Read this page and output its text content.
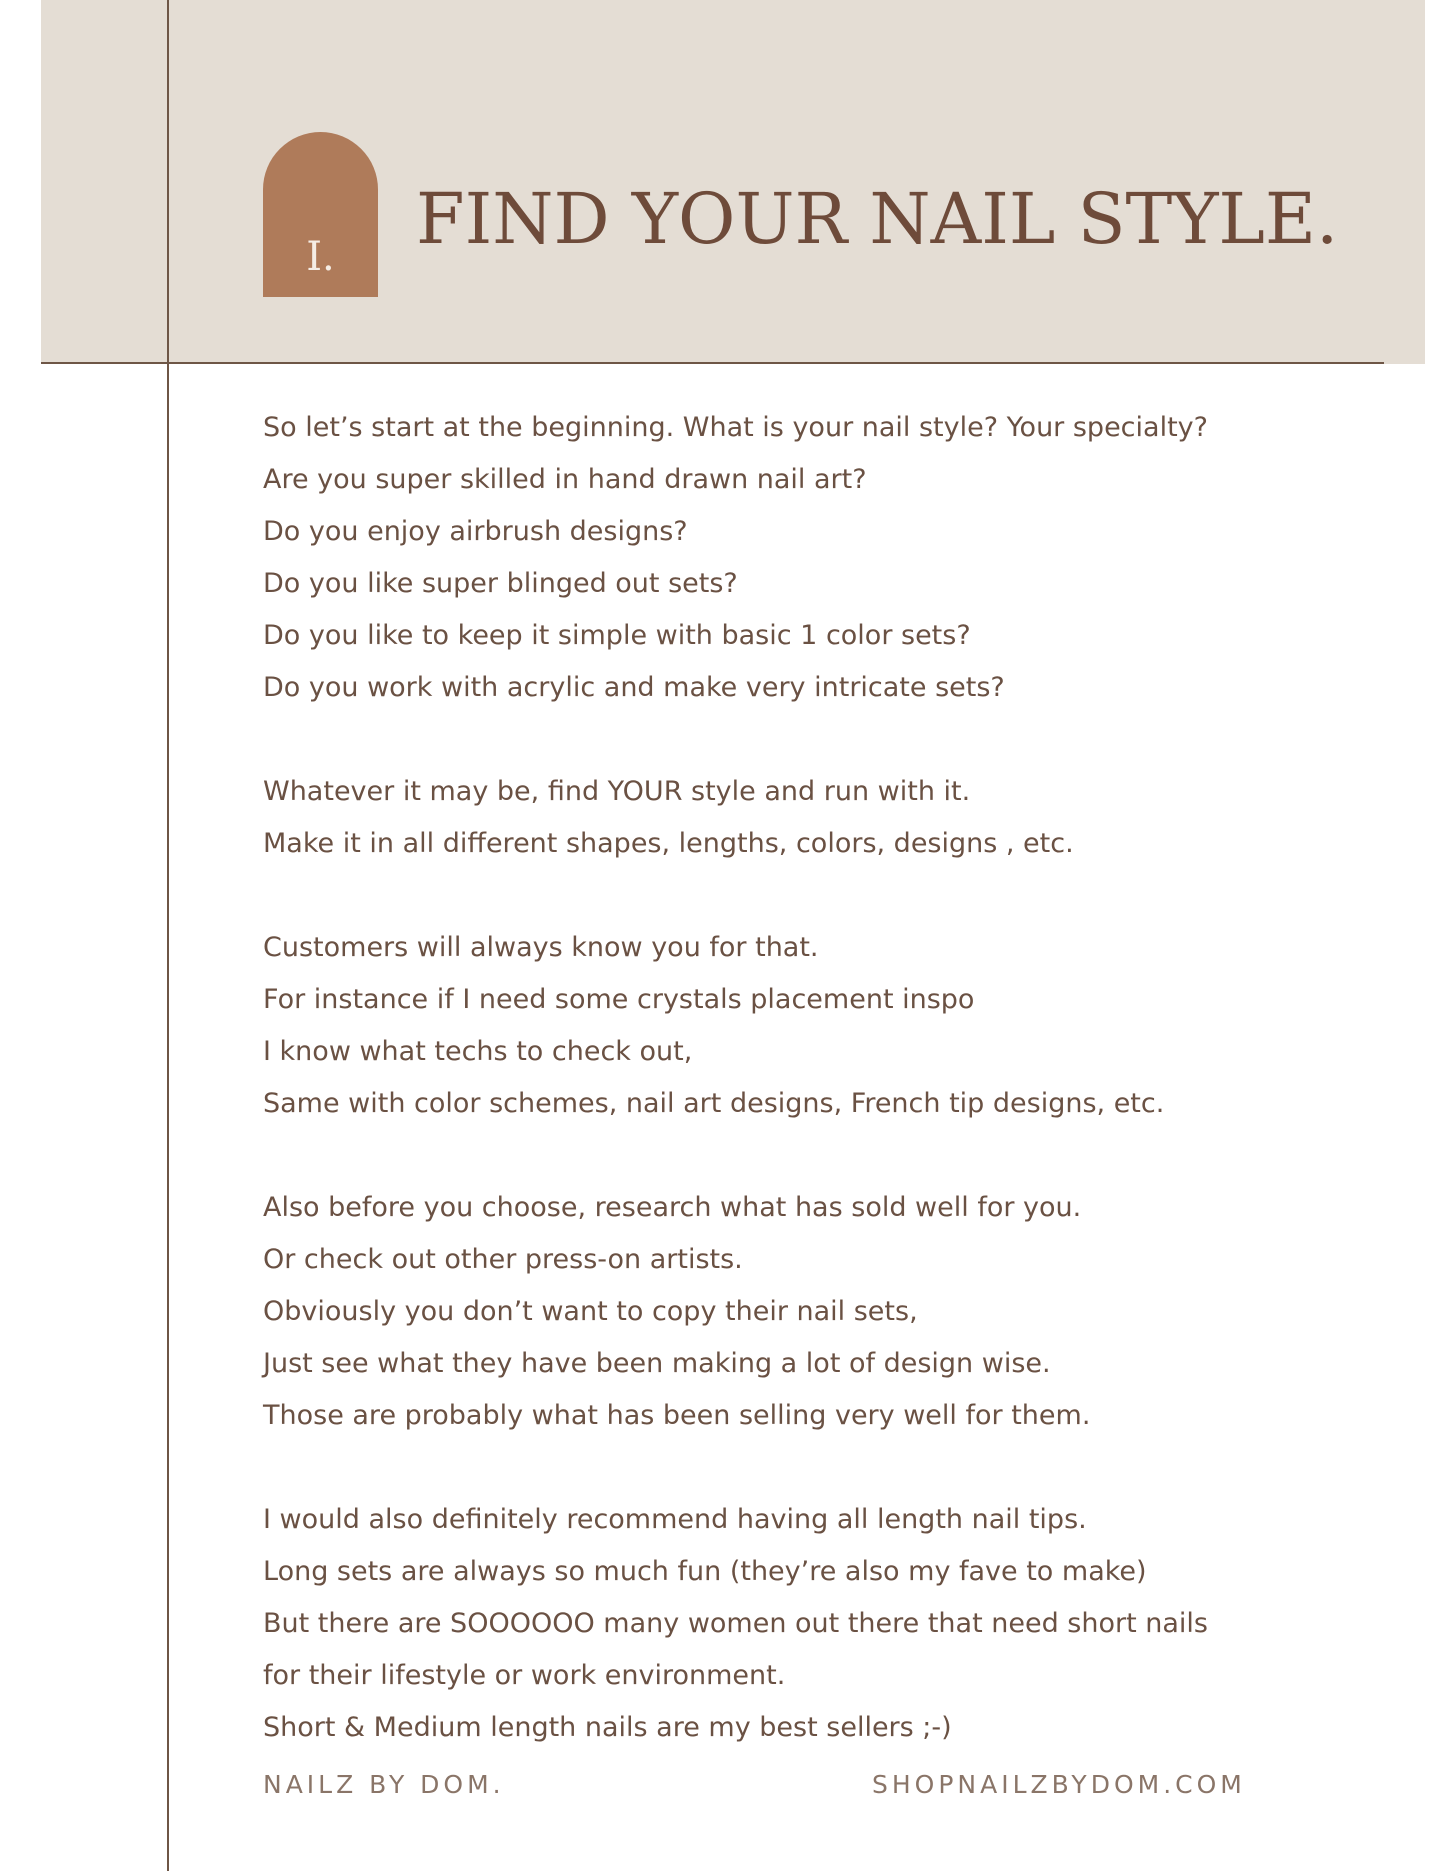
I. FIND YOUR NAIL STYLE.
So let’s start at the beginning. What is your nail style? Your specialty?
Are you super skilled in hand drawn nail art?
Do you enjoy airbrush designs?
Do you like super blinged out sets?
Do you like to keep it simple with basic 1 color sets?
Do you work with acrylic and make very intricate sets?
Whatever it may be, find YOUR style and run with it.
Make it in all different shapes, lengths, colors, designs , etc.
Customers will always know you for that.
For instance if I need some crystals placement inspo
I know what techs to check out,
Same with color schemes, nail art designs, French tip designs, etc.
Also before you choose, research what has sold well for you.
Or check out other press-on artists.
Obviously you don’t want to copy their nail sets,
Just see what they have been making a lot of design wise.
Those are probably what has been selling very well for them.
I would also definitely recommend having all length nail tips.
Long sets are always so much fun (they’re also my fave to make)
But there are SOOOOOO many women out there that need short nails
for their lifestyle or work environment.
Short & Medium length nails are my best sellers ;-)
NAILZ BY DOM.	SHOPNAILZBYDOM.COM
